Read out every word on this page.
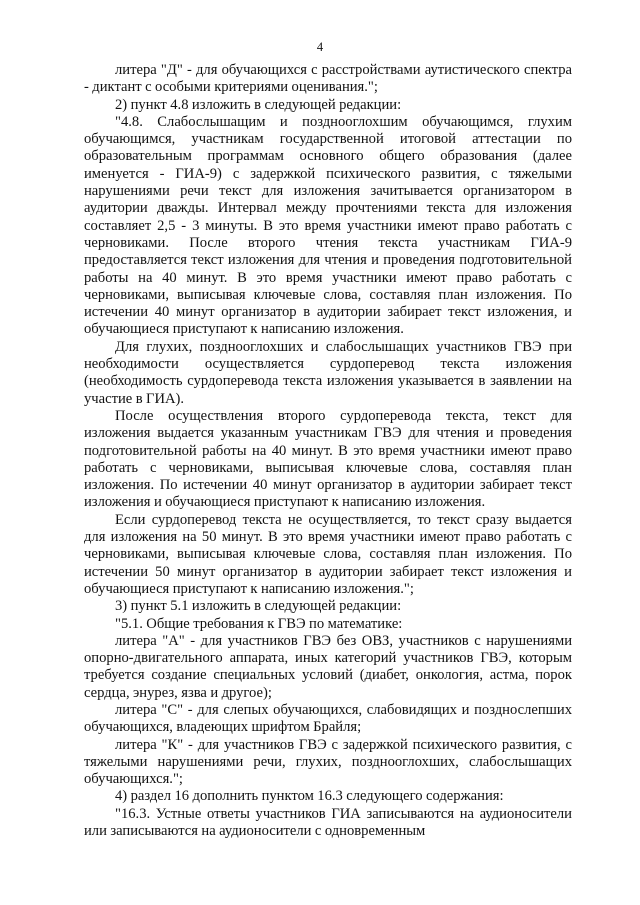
4

литера "Д" - для обучающихся с расстройствами аутистического спектра - диктант с особыми критериями оценивания.";

2) пункт 4.8 изложить в следующей редакции:

"4.8. Слабослышащим и позднооглохшим обучающимся, глухим обучающимся, участникам государственной итоговой аттестации по образовательным программам основного общего образования (далее именуется - ГИА-9) с задержкой психического развития, с тяжелыми нарушениями речи текст для изложения зачитывается организатором в аудитории дважды. Интервал между прочтениями текста для изложения составляет 2,5 - 3 минуты. В это время участники имеют право работать с черновиками. После второго чтения текста участникам ГИА-9 предоставляется текст изложения для чтения и проведения подготовительной работы на 40 минут. В это время участники имеют право работать с черновиками, выписывая ключевые слова, составляя план изложения. По истечении 40 минут организатор в аудитории забирает текст изложения, и обучающиеся приступают к написанию изложения.

Для глухих, позднооглохших и слабослышащих участников ГВЭ при необходимости осуществляется сурдоперевод текста изложения (необходимость сурдоперевода текста изложения указывается в заявлении на участие в ГИА).

После осуществления второго сурдоперевода текста, текст для изложения выдается указанным участникам ГВЭ для чтения и проведения подготовительной работы на 40 минут. В это время участники имеют право работать с черновиками, выписывая ключевые слова, составляя план изложения. По истечении 40 минут организатор в аудитории забирает текст изложения и обучающиеся приступают к написанию изложения.

Если сурдоперевод текста не осуществляется, то текст сразу выдается для изложения на 50 минут. В это время участники имеют право работать с черновиками, выписывая ключевые слова, составляя план изложения. По истечении 50 минут организатор в аудитории забирает текст изложения и обучающиеся приступают к написанию изложения.";

3) пункт 5.1 изложить в следующей редакции:

"5.1. Общие требования к ГВЭ по математике:

литера "А" - для участников ГВЭ без ОВЗ, участников с нарушениями опорно-двигательного аппарата, иных категорий участников ГВЭ, которым требуется создание специальных условий (диабет, онкология, астма, порок сердца, энурез, язва и другое);

литера "С" - для слепых обучающихся, слабовидящих и позднослепших обучающихся, владеющих шрифтом Брайля;

литера "К" - для участников ГВЭ с задержкой психического развития, с тяжелыми нарушениями речи, глухих, позднооглохших, слабослышащих обучающихся.";

4) раздел 16 дополнить пунктом 16.3 следующего содержания:

"16.3. Устные ответы участников ГИА записываются на аудионосители или записываются на аудионосители с одновременным
